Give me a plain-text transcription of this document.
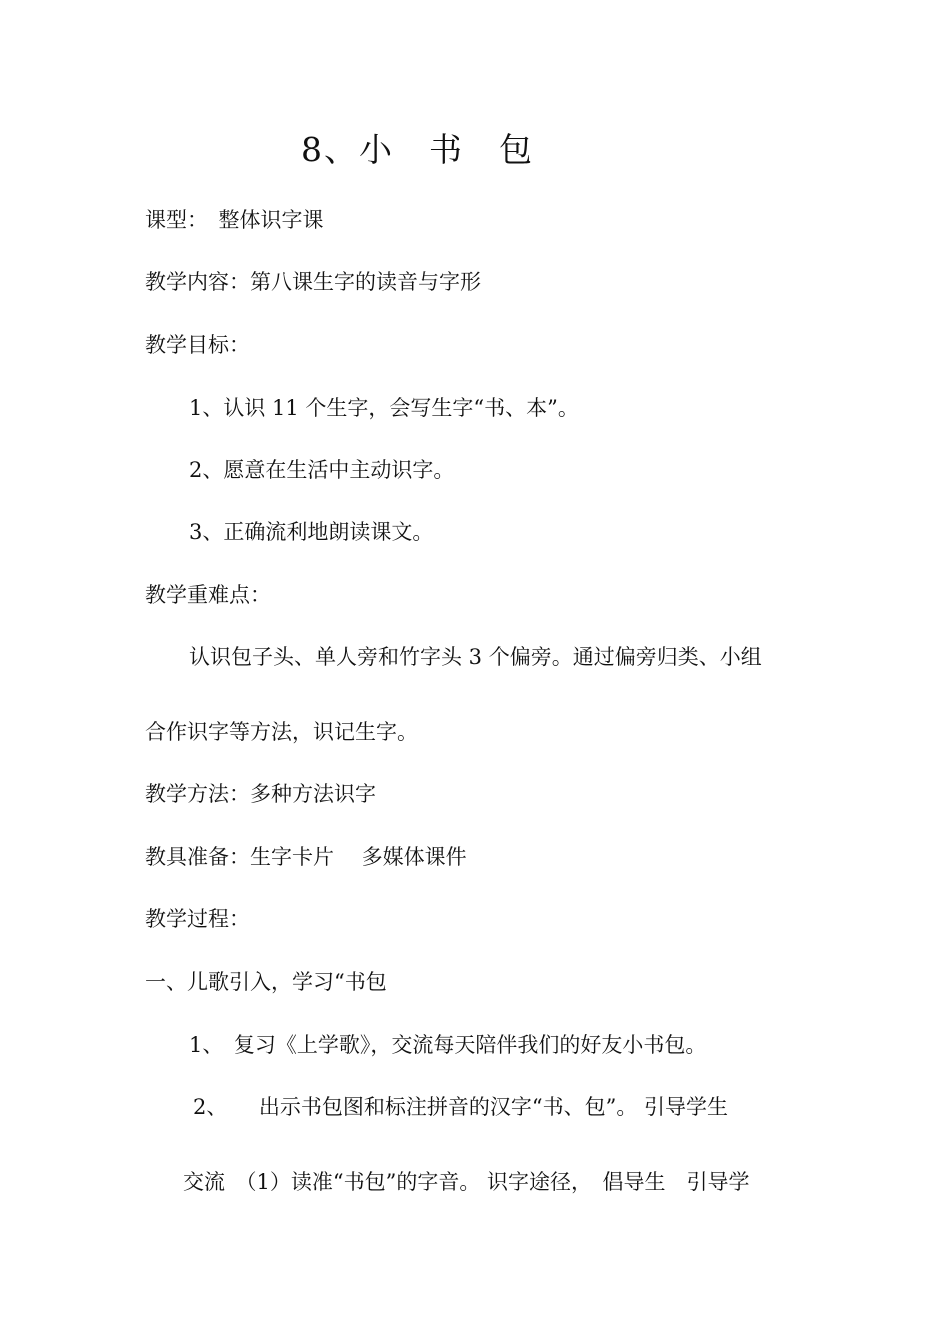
8、小　书　包
课型：　整体识字课
教学内容：第八课生字的读音与字形
教学目标：
1、认识 11 个生字，会写生字“书、本”。
2、愿意在生活中主动识字。
3、正确流利地朗读课文。
教学重难点：
认识包子头、单人旁和竹字头 3 个偏旁。通过偏旁归类、小组
合作识字等方法，识记生字。
教学方法：多种方法识字
教具准备：生字卡片　 多媒体课件
教学过程：
一、儿歌引入，学习“书包
1、　复习《上学歌》，交流每天陪伴我们的好友小书包。
2、　　出示书包图和标注拼音的汉字“书、包”。 引导学生
交流　（1）读准“书包”的字音。 识字途径，　倡导生　引导学
